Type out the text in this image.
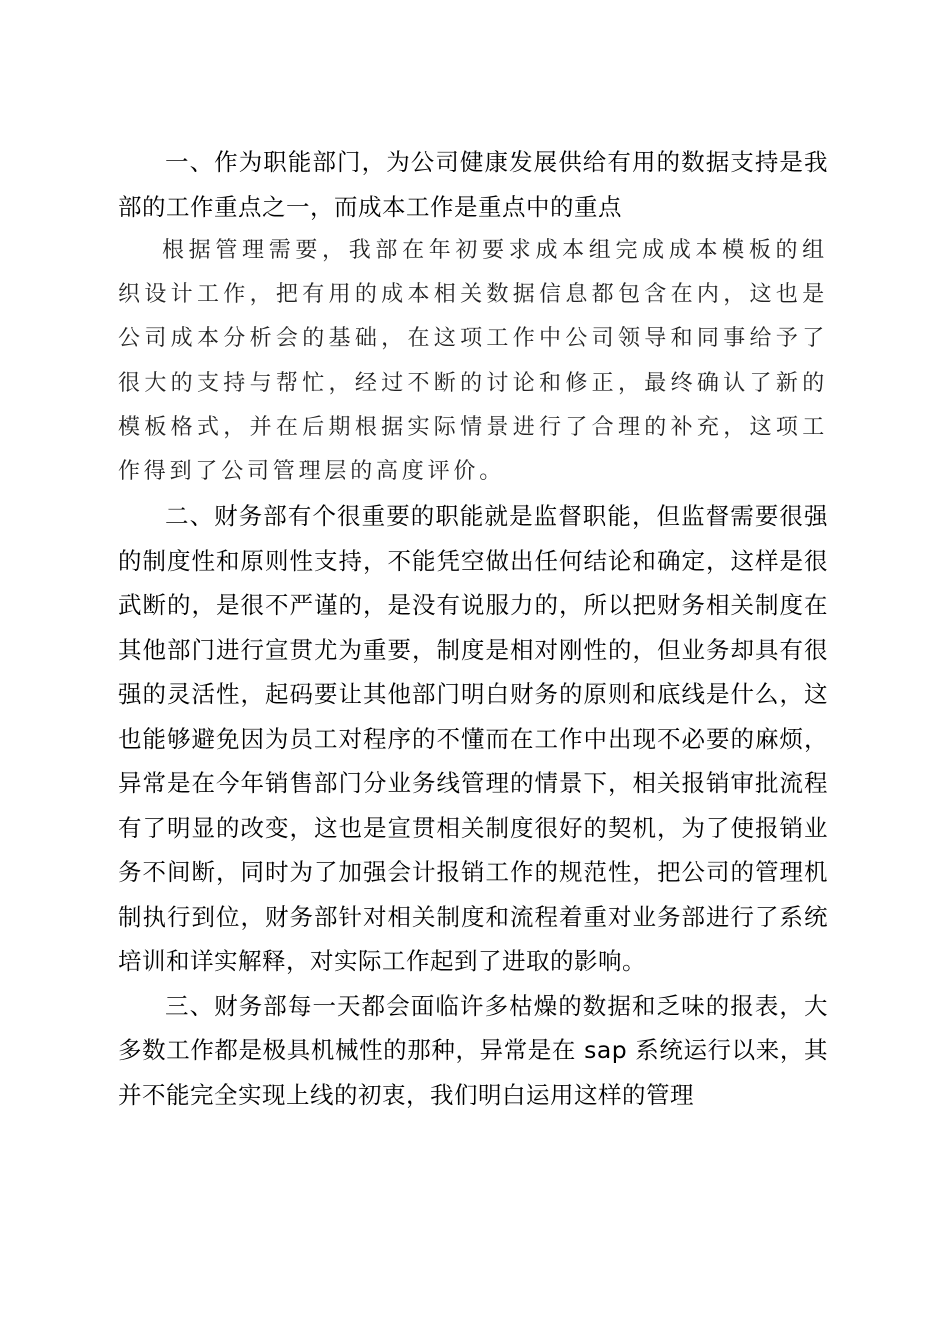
一、作为职能部门，为公司健康发展供给有用的数据支持是我部的工作重点之一，而成本工作是重点中的重点

根据管理需要，我部在年初要求成本组完成成本模板的组织设计工作，把有用的成本相关数据信息都包含在内，这也是公司成本分析会的基础，在这项工作中公司领导和同事给予了很大的支持与帮忙，经过不断的讨论和修正，最终确认了新的模板格式，并在后期根据实际情景进行了合理的补充，这项工作得到了公司管理层的高度评价。

二、财务部有个很重要的职能就是监督职能，但监督需要很强的制度性和原则性支持，不能凭空做出任何结论和确定，这样是很武断的，是很不严谨的，是没有说服力的，所以把财务相关制度在其他部门进行宣贯尤为重要，制度是相对刚性的，但业务却具有很强的灵活性，起码要让其他部门明白财务的原则和底线是什么，这也能够避免因为员工对程序的不懂而在工作中出现不必要的麻烦，异常是在今年销售部门分业务线管理的情景下，相关报销审批流程有了明显的改变，这也是宣贯相关制度很好的契机，为了使报销业务不间断，同时为了加强会计报销工作的规范性，把公司的管理机制执行到位，财务部针对相关制度和流程着重对业务部进行了系统培训和详实解释，对实际工作起到了进取的影响。

三、财务部每一天都会面临许多枯燥的数据和乏味的报表，大多数工作都是极具机械性的那种，异常是在 sap 系统运行以来，其并不能完全实现上线的初衷，我们明白运用这样的管理
